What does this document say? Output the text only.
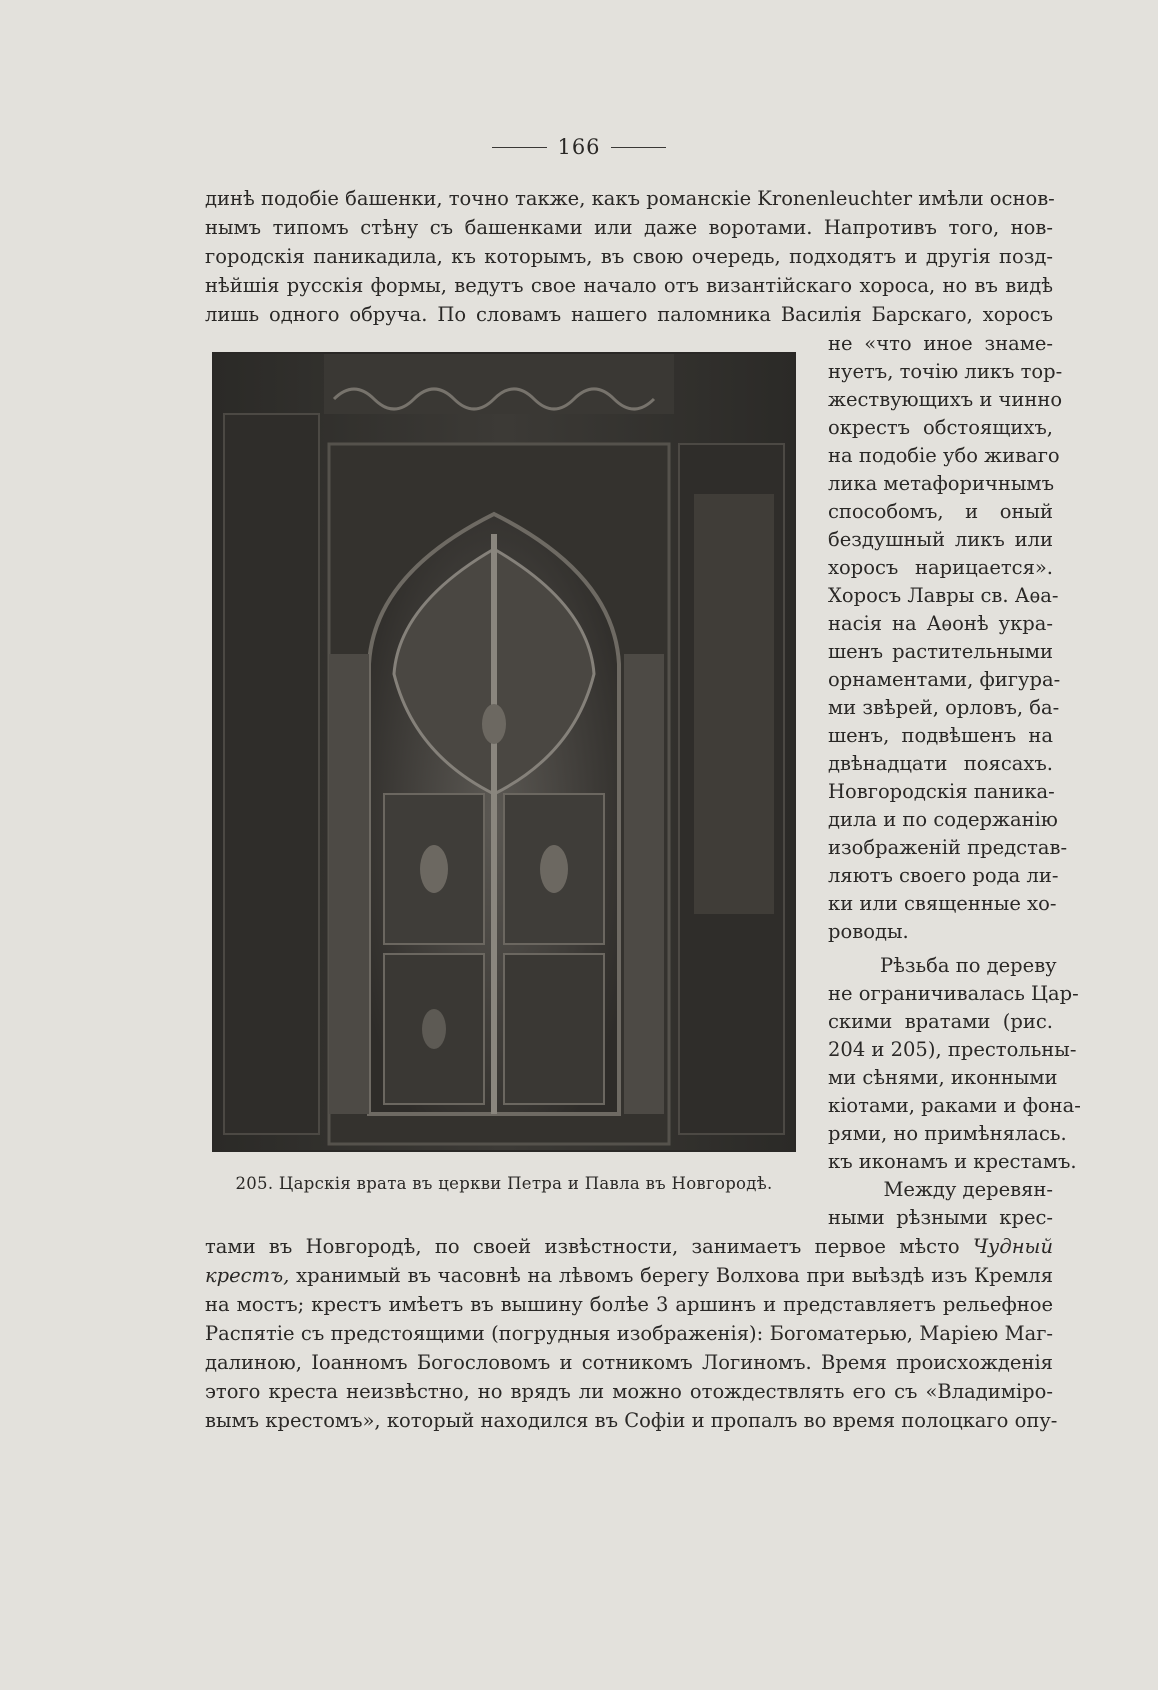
166
динѣ подобіе башенки, точно также, какъ романскіе Kronenleuchter имѣли основ-
нымъ типомъ стѣну съ башенками или даже воротами. Напротивъ того, нов-
городскія паникадила, къ которымъ, въ свою очередь, подходятъ и другія позд-
нѣйшія русскія формы, ведутъ свое начало отъ византійскаго хороса, но въ видѣ
лишь одного обруча. По словамъ нашего паломника Василія Барскаго, хоросъ
205. Царскія врата въ церкви Петра и Павла въ Новгородѣ.
не «что иное знаме-
нуетъ, точію ликъ тор-
жествующихъ и чинно
окрестъ обстоящихъ,
на подобіе убо живаго
лика метафоричнымъ
способомъ, и оный
бездушный ликъ или
хоросъ нарицается».
Хоросъ Лавры св. Аѳа-
насія на Аѳонѣ укра-
шенъ растительными
орнаментами, фигура-
ми звѣрей, орловъ, ба-
шенъ, подвѣшенъ на
двѣнадцати поясахъ.
Новгородскія паника-
дила и по содержанію
изображеній представ-
ляютъ своего рода ли-
ки или священные хо-
роводы.
Рѣзьба по дереву
не ограничивалась Цар-
скими вратами (рис.
204 и 205), престольны-
ми сѣнями, иконными
кіотами, раками и фона-
рями, но примѣнялась.
къ иконамъ и крестамъ.
Между деревян-
ными рѣзными крес-
тами въ Новгородѣ, по своей извѣстности, занимаетъ первое мѣсто Чудный
крестъ, хранимый въ часовнѣ на лѣвомъ берегу Волхова при выѣздѣ изъ Кремля
на мостъ; крестъ имѣетъ въ вышину болѣе 3 аршинъ и представляетъ рельефное
Распятіе съ предстоящими (погрудныя изображенія): Богоматерью, Маріею Маг-
далиною, Іоанномъ Богословомъ и сотникомъ Логиномъ. Время происхожденія
этого креста неизвѣстно, но врядъ ли можно отождествлять его съ «Владиміро-
вымъ крестомъ», который находился въ Софіи и пропалъ во время полоцкаго опу-
